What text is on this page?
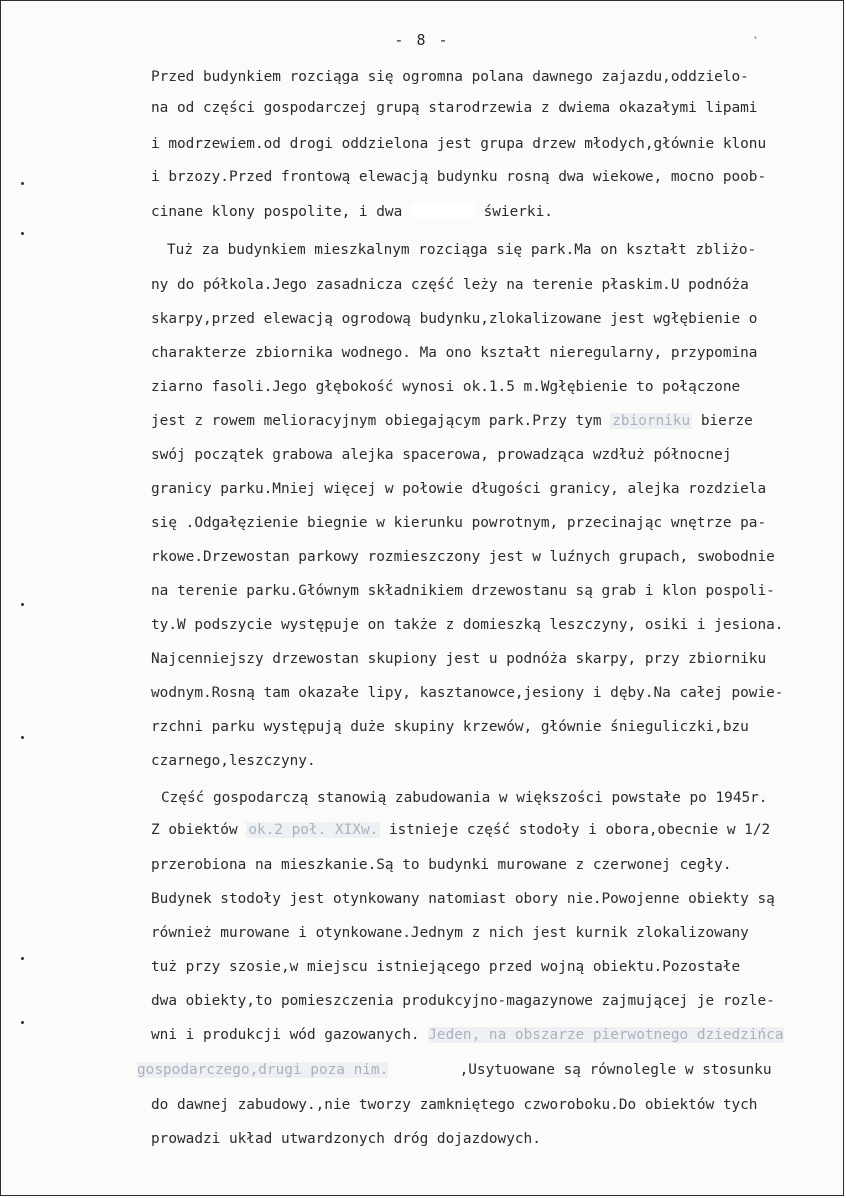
- 8 -	·
Przed budynkiem rozciąga się ogromna polana dawnego zajazdu,oddzielo-
na od części gospodarczej grupą starodrzewia z dwiema okazałymi lipami
i modrzewiem.od drogi oddzielona jest grupa drzew młodych,głównie klonu
i brzozy.Przed frontową elewacją budynku rosną dwa wiekowe, mocno poob-
cinane klony pospolite, i dwa	świerki.
Tuż za budynkiem mieszkalnym rozciąga się park.Ma on kształt zbliżo-
ny do półkola.Jego zasadnicza część leży na terenie płaskim.U podnóża
skarpy,przed elewacją ogrodową budynku,zlokalizowane jest wgłębienie o
charakterze zbiornika wodnego. Ma ono kształt nieregularny, przypomina
ziarno fasoli.Jego głębokość wynosi ok.1.5 m.Wgłębienie to połączone
jest z rowem melioracyjnym obiegającym park.Przy tym zbiorniku bierze
swój początek grabowa alejka spacerowa, prowadząca wzdłuż północnej
granicy parku.Mniej więcej w połowie długości granicy, alejka rozdziela
się .Odgałęzienie biegnie w kierunku powrotnym, przecinając wnętrze pa-
rkowe.Drzewostan parkowy rozmieszczony jest w luźnych grupach, swobodnie
na terenie parku.Głównym składnikiem drzewostanu są grab i klon pospoli-
ty.W podszycie występuje on także z domieszką leszczyny, osiki i jesiona.
Najcenniejszy drzewostan skupiony jest u podnóża skarpy, przy zbiorniku
wodnym.Rosną tam okazałe lipy, kasztanowce,jesiony i dęby.Na całej powie-
rzchni parku występują duże skupiny krzewów, głównie śnieguliczki,bzu
czarnego,leszczyny.
Część gospodarczą stanowią zabudowania w większości powstałe po 1945r.
Z obiektów ok.2 poł. XIXw. istnieje część stodoły i obora,obecnie w 1/2
przerobiona na mieszkanie.Są to budynki murowane z czerwonej cegły.
Budynek stodoły jest otynkowany natomiast obory nie.Powojenne obiekty są
również murowane i otynkowane.Jednym z nich jest kurnik zlokalizowany
tuż przy szosie,w miejscu istniejącego przed wojną obiektu.Pozostałe
dwa obiekty,to pomieszczenia produkcyjno-magazynowe zajmującej je rozle-
wni i produkcji wód gazowanych. Jeden, na obszarze pierwotnego dziedzińca
gospodarczego,drugi poza nim.	,Usytuowane są równolegle w stosunku
do dawnej zabudowy.,nie tworzy zamkniętego czworoboku.Do obiektów tych
prowadzi układ utwardzonych dróg dojazdowych.
